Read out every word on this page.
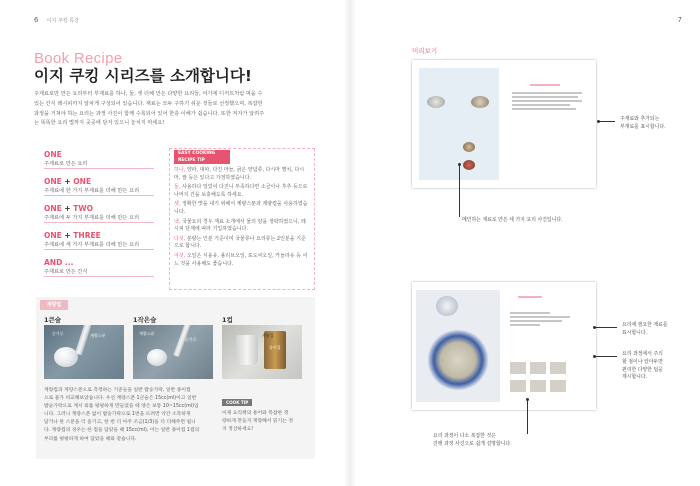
6 이지 쿠킹 특강
Book Recipe
이지 쿠킹 시리즈를 소개합니다!
주재료로만 만든 요리부터 부재료를 하나, 둘, 셋 더해 만든 다양한 요리들, 여기에 디저트처럼 먹을 수
있는 간식 레시피까지 알차게 구성되어 있습니다. 재료는 모두 구하기 쉬운 것들로 선정했으며, 복잡한
과정을 거쳐야 하는 요리는 과정 사진이 함께 수록되어 있어 한층 이해가 쉽습니다. 또한 저자가 알려주
는 똑똑한 요리 법까지 곳곳에 담겨 있으니 놓치지 마세요!
ONE
주재료로 만든 요리
ONE + ONE
주재료에 한 가지 부재료를 더해 만든 요리
ONE + TWO
주재료에 두 가지 부재료를 더해 만든 요리
ONE + THREE
주재료에 세 가지 부재료를 더해 만든 요리
AND ...
주재료로 만든 간식
EASY COOKING
RECIPE TIP
하나, 양파, 대파, 다진 마늘, 굵은 양념류, 다시마 멸치, 다시마, 쌀 등은 있다고 가정하였습니다.
둘, 사용하다 얼었어 다진니 부족하다면 소금이나 후추 등으로 나머지 간을 보충해도록 하세요.
셋, 정확한 맛을 내기 위해서 계량스푼과 계량컵을 사용하였습니다.
넷, 국물요리 경우 재료 소개에서 물의 양을 생략하였으니, 레시피 단계에 따라 기입하였습니다.
다섯, 분량는 인분 기준이며 국물류나 요리류는 2인분을 기준으로 합니다.
여섯, 오일은 식용유, 올리브오일, 포도씨오일, 카놀라유 등 어느 것을 사용해도 좋습니다.
계량법
1큰술
순가루	계량스푼
1작은술
계량스푼
순가루
1컵
계량컵
종이컵
계량컵과 계량스푼으로 측정하는 기준들을 일반 밥숟가락, 일반 종이컵
으로 물가 비교해보았습니다. 우선 계량스푼 1큰술은 15cc(ml)이고 일반
밥숟가락으로 계서 외를 평평하게 만들었을 때 양은 보통 10~15cc(ml)입
니다. 그러니 계량스푼 없이 밥숟가락으로 1번을 뜨려면 약간 소복하게
담거나 한 스푼을 더 올기고, 한 번 더 아주 조금(1/3)을 더 더해주면 됩니
다. 계량컵의 경우는 한 컵을 담았을 때 15cc(ml), 이는 일반 종이컵 1컵의
부피를 평평하게 하여 담았을 때와 같습니다.
COOK TIP
이제 요리책의 용어와 복잡한 정
량하게 만들지 게량해서 읽기는 정
지 정상하세요!
7
미리보기
주재료와 추가되는
부재료를 표시합니다.
메인하는 재료로 만든 세 가지 요리 사진입니다.
요리에 필요한 재료를
표시합니다.
요리 과정에서 주의
할 점이나 알아두면
편리한 다양한 팁을
제시합니다.
요리 과정이 다소 복잡한 것은
진행 과정 사진으로 쉽게 설명합니다.
